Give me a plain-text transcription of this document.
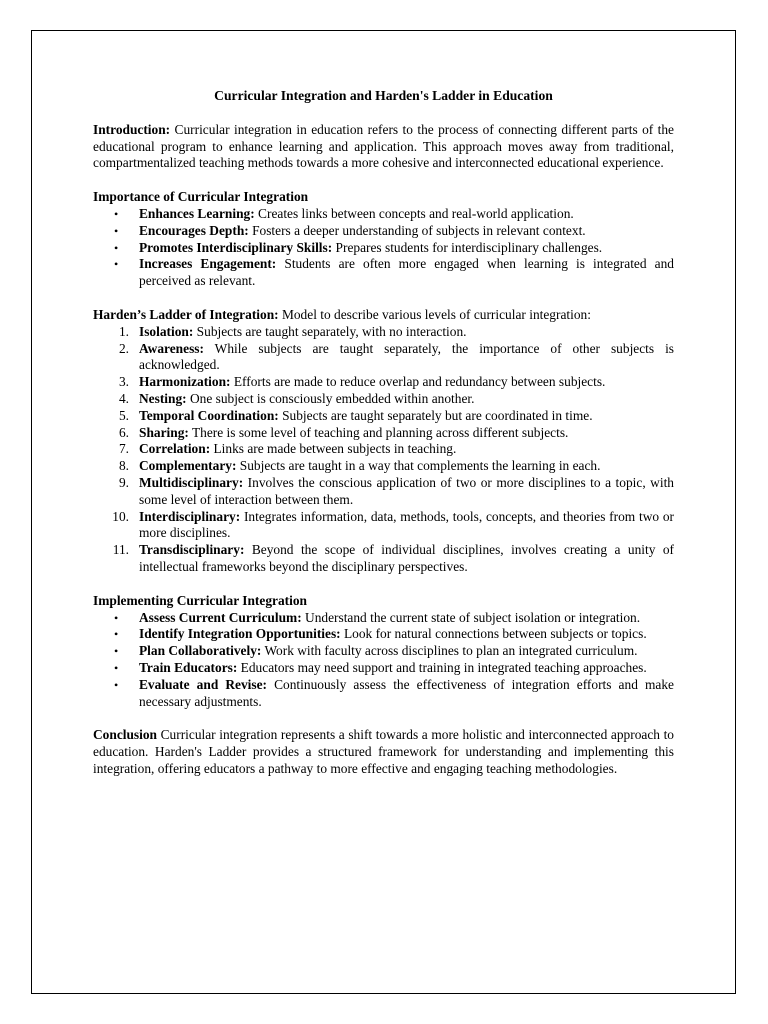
Curricular Integration and Harden's Ladder in Education

Introduction: Curricular integration in education refers to the process of connecting different parts of the educational program to enhance learning and application. This approach moves away from traditional, compartmentalized teaching methods towards a more cohesive and interconnected educational experience.

Importance of Curricular Integration

• Enhances Learning: Creates links between concepts and real-world application.
• Encourages Depth: Fosters a deeper understanding of subjects in relevant context.
• Promotes Interdisciplinary Skills: Prepares students for interdisciplinary challenges.
• Increases Engagement: Students are often more engaged when learning is integrated and perceived as relevant.

Harden’s Ladder of Integration: Model to describe various levels of curricular integration:

1. Isolation: Subjects are taught separately, with no interaction.
2. Awareness: While subjects are taught separately, the importance of other subjects is acknowledged.
3. Harmonization: Efforts are made to reduce overlap and redundancy between subjects.
4. Nesting: One subject is consciously embedded within another.
5. Temporal Coordination: Subjects are taught separately but are coordinated in time.
6. Sharing: There is some level of teaching and planning across different subjects.
7. Correlation: Links are made between subjects in teaching.
8. Complementary: Subjects are taught in a way that complements the learning in each.
9. Multidisciplinary: Involves the conscious application of two or more disciplines to a topic, with some level of interaction between them.
10. Interdisciplinary: Integrates information, data, methods, tools, concepts, and theories from two or more disciplines.
11. Transdisciplinary: Beyond the scope of individual disciplines, involves creating a unity of intellectual frameworks beyond the disciplinary perspectives.

Implementing Curricular Integration

• Assess Current Curriculum: Understand the current state of subject isolation or integration.
• Identify Integration Opportunities: Look for natural connections between subjects or topics.
• Plan Collaboratively: Work with faculty across disciplines to plan an integrated curriculum.
• Train Educators: Educators may need support and training in integrated teaching approaches.
• Evaluate and Revise: Continuously assess the effectiveness of integration efforts and make necessary adjustments.

Conclusion Curricular integration represents a shift towards a more holistic and interconnected approach to education. Harden's Ladder provides a structured framework for understanding and implementing this integration, offering educators a pathway to more effective and engaging teaching methodologies.
